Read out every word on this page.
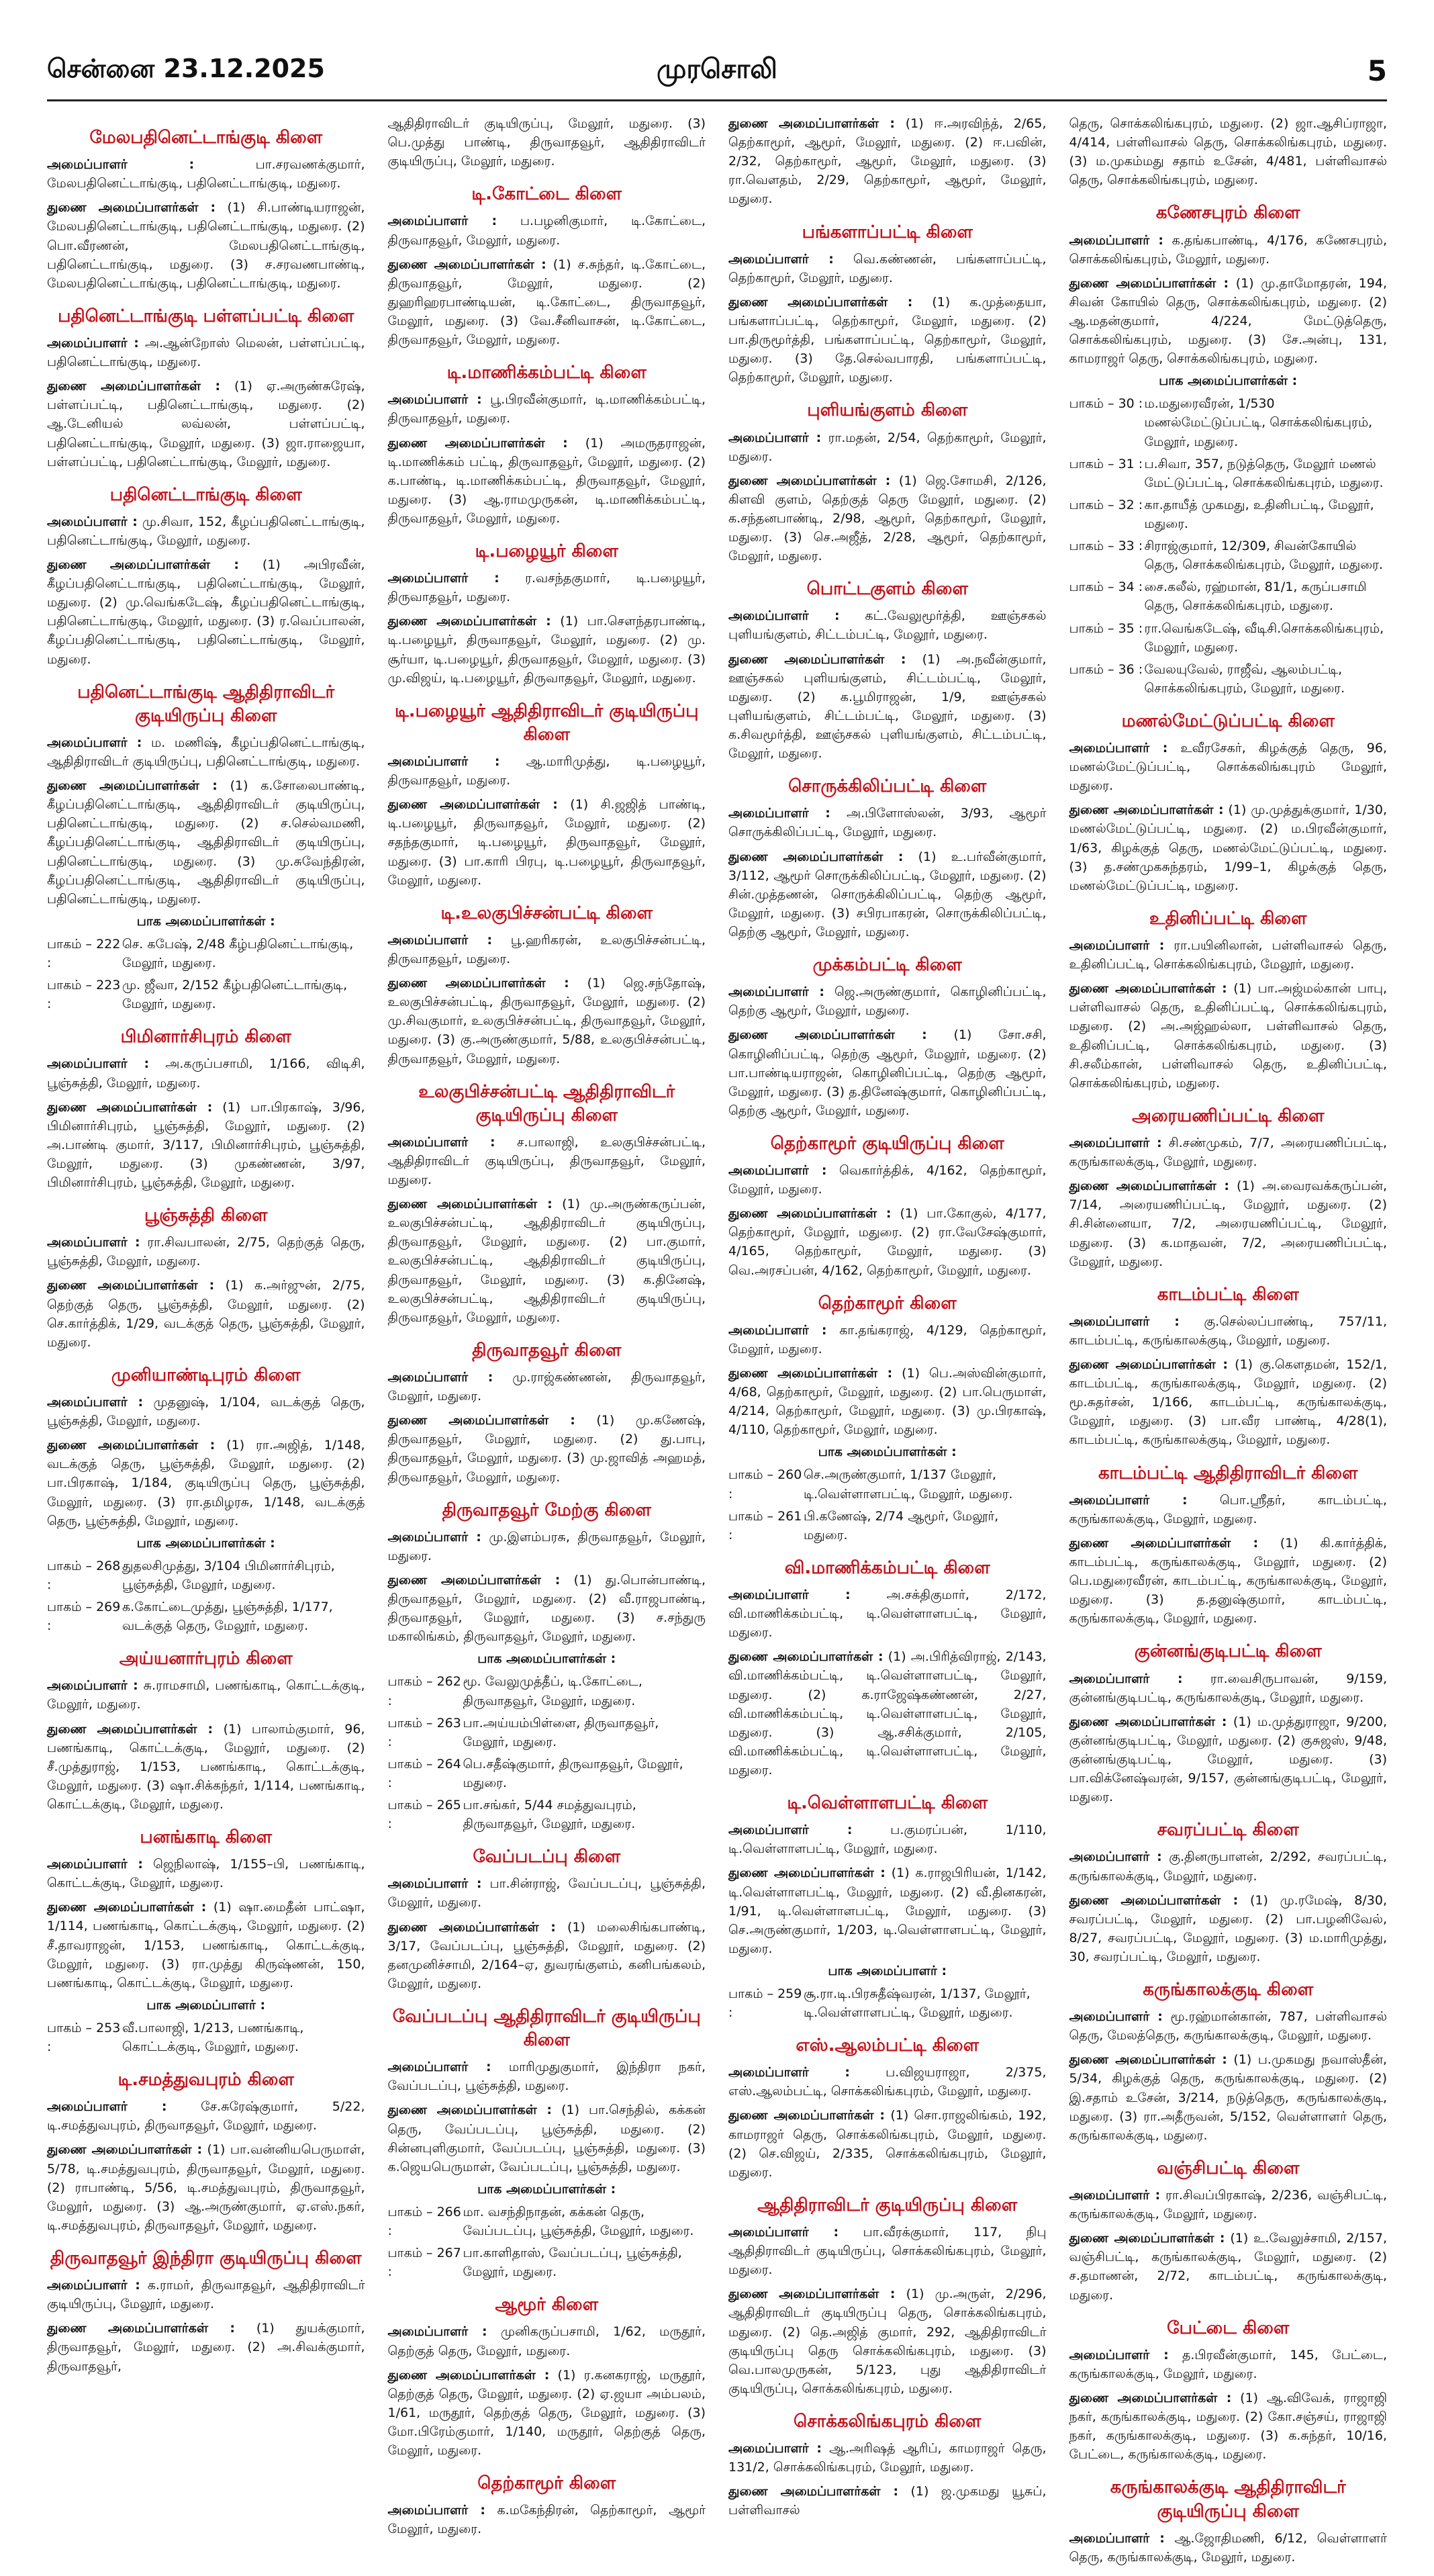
சென்னை 23.12.2025	முரசொலி	5
மேலபதினெட்டாங்குடி கிளை

அமைப்பாளர் :	பா.சரவணக்குமார், மேலபதினெட்டாங்குடி, பதினெட்டாங்குடி, மதுரை.

துணை அமைப்பாளர்கள் : (1) சி.பாண்டியராஜன், மேலபதினெட்டாங்குடி, பதினெட்டாங்குடி, மதுரை. (2) பொ.வீரணன், மேலபதினெட்டாங்குடி, பதினெட்டாங்குடி, மதுரை. (3) ச.சரவணபாண்டி, மேலபதினெட்டாங்குடி, பதினெட்டாங்குடி, மதுரை.

பதினெட்டாங்குடி பள்ளப்பட்டி கிளை

அமைப்பாளர் : அ.ஆன்றோஸ் மெலன், பள்ளப்பட்டி, பதினெட்டாங்குடி, மதுரை.

துணை அமைப்பாளர்கள் : (1) ஏ.அருண்சுரேஷ், பள்ளப்பட்டி, பதினெட்டாங்குடி, மதுரை. (2) ஆ.டேனியல் லவ்லன், பள்ளப்பட்டி, பதினெட்டாங்குடி, மேலூர், மதுரை. (3) ஜா.ராஜையா, பள்ளப்பட்டி, பதினெட்டாங்குடி, மேலூர், மதுரை.

பதினெட்டாங்குடி கிளை

அமைப்பாளர் : மு.சிவா, 152, கீழப்பதினெட்டாங்குடி, பதினெட்டாங்குடி, மேலூர், மதுரை.

துணை அமைப்பாளர்கள் : (1) அபிரவீன், கீழப்பதினெட்டாங்குடி, பதினெட்டாங்குடி, மேலூர், மதுரை. (2) மு.வெங்கடேஷ், கீழப்பதினெட்டாங்குடி, பதினெட்டாங்குடி, மேலூர், மதுரை. (3) ர.வெப்பாலன், கீழப்பதினெட்டாங்குடி, பதினெட்டாங்குடி, மேலூர், மதுரை.

பதினெட்டாங்குடி ஆதிதிராவிடர் குடியிருப்பு கிளை

அமைப்பாளர் : ம. மணிஷ், கீழப்பதினெட்டாங்குடி, ஆதிதிராவிடர் குடியிருப்பு, பதினெட்டாங்குடி, மதுரை.

துணை அமைப்பாளர்கள் : (1) க.சோலைபாண்டி, கீழப்பதினெட்டாங்குடி, ஆதிதிராவிடர் குடியிருப்பு, பதினெட்டாங்குடி, மதுரை. (2) ச.செல்வமணி, கீழப்பதினெட்டாங்குடி, ஆதிதிராவிடர் குடியிருப்பு, பதினெட்டாங்குடி, மதுரை. (3) மு.சுவேந்திரன், கீழப்பதினெட்டாங்குடி, ஆதிதிராவிடர் குடியிருப்பு, பதினெட்டாங்குடி, மதுரை.

பாக அமைப்பாளர்கள் :
பாகம் – 222 :
செ. கபேஷ், 2/48 கீழ்பதினெட்டாங்குடி, மேலூர், மதுரை.
பாகம் – 223 :
மு. ஜீவா, 2/152 கீழ்பதினெட்டாங்குடி, மேலூர், மதுரை.
பிமினார்சிபுரம் கிளை

அமைப்பாளர் : அ.கருப்பசாமி, 1/166, விடிசி, பூஞ்சுத்தி, மேலூர், மதுரை.

துணை அமைப்பாளர்கள் : (1) பா.பிரகாஷ், 3/96, பிமினார்சிபுரம், பூஞ்சுத்தி, மேலூர், மதுரை. (2) அ.பாண்டி குமார், 3/117, பிமினார்சிபுரம், பூஞ்சுத்தி, மேலூர், மதுரை. (3) முகண்ணன், 3/97, பிமினார்சிபுரம், பூஞ்சுத்தி, மேலூர், மதுரை.

பூஞ்சுத்தி கிளை

அமைப்பாளர் : ரா.சிவபாலன், 2/75, தெற்குத் தெரு, பூஞ்சுத்தி, மேலூர், மதுரை.

துணை அமைப்பாளர்கள் : (1) க.அர்ஜுன், 2/75, தெற்குத் தெரு, பூஞ்சுத்தி, மேலூர், மதுரை. (2) செ.கார்த்திக், 1/29, வடக்குத் தெரு, பூஞ்சுத்தி, மேலூர், மதுரை.

முனியாண்டிபுரம் கிளை

அமைப்பாளர் : முதனுஷ், 1/104, வடக்குத் தெரு, பூஞ்சுத்தி, மேலூர், மதுரை.

துணை அமைப்பாளர்கள் : (1) ரா.அஜித், 1/148, வடக்குத் தெரு, பூஞ்சுத்தி, மேலூர், மதுரை. (2) பா.பிரகாஷ், 1/184, குடியிருப்பு தெரு, பூஞ்சுத்தி, மேலூர், மதுரை. (3) ரா.தமிழரசு, 1/148, வடக்குத் தெரு, பூஞ்சுத்தி, மேலூர், மதுரை.

பாக அமைப்பாளர்கள் :
பாகம் – 268 :
துதலசிமுத்து, 3/104 பிமினார்சிபுரம், பூஞ்சுத்தி, மேலூர், மதுரை.
பாகம் – 269 :
க.கோட்டைமுத்து, பூஞ்சுத்தி, 1/177, வடக்குத் தெரு, மேலூர், மதுரை.
அய்யனார்புரம் கிளை

அமைப்பாளர் : சு.ராமசாமி, பணங்காடி, கொட்டக்குடி, மேலூர், மதுரை.

துணை அமைப்பாளர்கள் : (1) பாலாம்குமார், 96, பணங்காடி, கொட்டக்குடி, மேலூர், மதுரை. (2) சீ.முத்துராஜ், 1/153, பணங்காடி, கொட்டக்குடி, மேலூர், மதுரை. (3) ஷா.சிக்கந்தர், 1/114, பணங்காடி, கொட்டக்குடி, மேலூர், மதுரை.

பனங்காடி கிளை

அமைப்பாளர் : ஜெநிலாஷ், 1/155–பி, பணங்காடி, கொட்டக்குடி, மேலூர், மதுரை.

துணை அமைப்பாளர்கள் : (1) ஷா.மைதீன் பாட்ஷா, 1/114, பணங்காடி, கொட்டக்குடி, மேலூர், மதுரை. (2) சீ.தாவராஜன், 1/153, பணங்காடி, கொட்டக்குடி, மேலூர், மதுரை. (3) ரா.முத்து கிருஷ்ணன், 150, பணங்காடி, கொட்டக்குடி, மேலூர், மதுரை.

பாக அமைப்பாளர் :
பாகம் – 253 :
வீ.பாலாஜி, 1/213, பணங்காடி, கொட்டக்குடி, மேலூர், மதுரை.
டி.சமத்துவபுரம் கிளை

அமைப்பாளர் :	சே.சுரேஷ்குமார், 5/22, டி.சமத்துவபுரம், திருவாதவூர், மேலூர், மதுரை.

துணை அமைப்பாளர்கள் : (1) பா.வன்னியபெருமாள், 5/78, டி.சமத்துவபுரம், திருவாதவூர், மேலூர், மதுரை. (2) ராபாண்டி, 5/56, டி.சமத்துவபுரம், திருவாதவூர், மேலூர், மதுரை. (3) ஆ.அருண்குமார், ஏ.எஸ்.நகர், டி.சமத்துவபுரம், திருவாதவூர், மேலூர், மதுரை.

திருவாதவூர் இந்திரா குடியிருப்பு கிளை

அமைப்பாளர் : க.ராமர், திருவாதவூர், ஆதிதிராவிடர் குடியிருப்பு, மேலூர், மதுரை.

துணை அமைப்பாளர்கள் : (1) துயக்குமார், திருவாதவூர், மேலூர், மதுரை. (2) அ.சிவக்குமார், திருவாதவூர்,

ஆதிதிராவிடர் குடியிருப்பு, மேலூர், மதுரை. (3) பெ.முத்து பாண்டி, திருவாதவூர், ஆதிதிராவிடர் குடியிருப்பு, மேலூர், மதுரை.

டி.கோட்டை கிளை

அமைப்பாளர் : ப.பழனிகுமார், டி.கோட்டை, திருவாதவூர், மேலூர், மதுரை.

துணை அமைப்பாளர்கள் : (1) ச.சுந்தர், டி.கோட்டை, திருவாதவூர், மேலூர், மதுரை. (2) துஹரிஹரபாண்டியன், டி.கோட்டை, திருவாதவூர், மேலூர், மதுரை. (3) வே.சீனிவாசன், டி.கோட்டை, திருவாதவூர், மேலூர், மதுரை.

டி.மாணிக்கம்பட்டி கிளை

அமைப்பாளர் : பூ.பிரவீன்குமார், டி.மாணிக்கம்பட்டி, திருவாதவூர், மதுரை.

துணை அமைப்பாளர்கள் : (1) அமருதராஜன், டி.மாணிக்கம் பட்டி, திருவாதவூர், மேலூர், மதுரை. (2) க.பாண்டி, டி.மாணிக்கம்பட்டி, திருவாதவூர், மேலூர், மதுரை. (3) ஆ.ராமமுருகன், டி.மாணிக்கம்பட்டி, திருவாதவூர், மேலூர், மதுரை.

டி.பழையூர் கிளை

அமைப்பாளர் : ர.வசந்தகுமார், டி.பழையூர், திருவாதவூர், மதுரை.

துணை அமைப்பாளர்கள் : (1) பா.சௌந்தரபாண்டி, டி.பழையூர், திருவாதவூர், மேலூர், மதுரை. (2) மு. சூர்யா, டி.பழையூர், திருவாதவூர், மேலூர், மதுரை. (3) மு.விஜய், டி.பழையூர், திருவாதவூர், மேலூர், மதுரை.

டி.பழையூர் ஆதிதிராவிடர் குடியிருப்பு கிளை

அமைப்பாளர் : ஆ.மாரிமுத்து, டி.பழையூர், திருவாதவூர், மதுரை.

துணை அமைப்பாளர்கள் : (1) சி.ஜஜித் பாண்டி, டி.பழையூர், திருவாதவூர், மேலூர், மதுரை. (2) சதந்தகுமார், டி.பழையூர், திருவாதவூர், மேலூர், மதுரை. (3) பா.காரி பிரபு, டி.பழையூர், திருவாதவூர், மேலூர், மதுரை.

டி.உலகுபிச்சன்பட்டி கிளை

அமைப்பாளர் : பூ.ஹரிகரன், உலகுபிச்சன்பட்டி, திருவாதவூர், மதுரை.

துணை அமைப்பாளர்கள் : (1) ஜெ.சந்தோஷ், உலகுபிச்சன்பட்டி, திருவாதவூர், மேலூர், மதுரை. (2) மு.சிவகுமார், உலகுபிச்சன்பட்டி, திருவாதவூர், மேலூர், மதுரை. (3) கு.அருண்குமார், 5/88, உலகுபிச்சன்பட்டி, திருவாதவூர், மேலூர், மதுரை.

உலகுபிச்சன்பட்டி ஆதிதிராவிடர் குடியிருப்பு கிளை

அமைப்பாளர் : ச.பாலாஜி, உலகுபிச்சன்பட்டி, ஆதிதிராவிடர் குடியிருப்பு, திருவாதவூர், மேலூர், மதுரை.

துணை அமைப்பாளர்கள் : (1) மு.அருண்கருப்பன், உலகுபிச்சன்பட்டி, ஆதிதிராவிடர் குடியிருப்பு, திருவாதவூர், மேலூர், மதுரை. (2) பா.குமார், உலகுபிச்சன்பட்டி, ஆதிதிராவிடர் குடியிருப்பு, திருவாதவூர், மேலூர், மதுரை. (3) க.தினேஷ், உலகுபிச்சன்பட்டி, ஆதிதிராவிடர் குடியிருப்பு, திருவாதவூர், மேலூர், மதுரை.

திருவாதவூர் கிளை

அமைப்பாளர் : மு.ராஜ்கண்ணன், திருவாதவூர், மேலூர், மதுரை.

துணை அமைப்பாளர்கள் : (1) மு.கணேஷ், திருவாதவூர், மேலூர், மதுரை. (2) து.பாபு, திருவாதவூர், மேலூர், மதுரை. (3) மு.ஜாவித் அஹமத், திருவாதவூர், மேலூர், மதுரை.

திருவாதவூர் மேற்கு கிளை

அமைப்பாளர் : மு.இளம்பரசு, திருவாதவூர், மேலூர், மதுரை.

துணை அமைப்பாளர்கள் : (1) து.பொன்பாண்டி, திருவாதவூர், மேலூர், மதுரை. (2) வீ.ராஜபாண்டி, திருவாதவூர், மேலூர், மதுரை. (3) ச.சந்துரு மகாலிங்கம், திருவாதவூர், மேலூர், மதுரை.

பாக அமைப்பாளர்கள் :
பாகம் – 262 :
மூ. வேலுமுத்தீப், டி.கோட்டை, திருவாதவூர், மேலூர், மதுரை.
பாகம் – 263 :
பா.அய்யம்பிள்ளை, திருவாதவூர், மேலூர், மதுரை.
பாகம் – 264 :
பெ.சதீஷ்குமார், திருவாதவூர், மேலூர், மதுரை.
பாகம் – 265 :
பா.சங்கர், 5/44 சமத்துவபுரம், திருவாதவூர், மேலூர், மதுரை.
வேப்படப்பு கிளை

அமைப்பாளர் : பா.சின்ராஜ், வேப்படப்பு, பூஞ்சுத்தி, மேலூர், மதுரை.

துணை அமைப்பாளர்கள் : (1) மலைசிங்கபாண்டி, 3/17, வேப்படப்பு, பூஞ்சுத்தி, மேலூர், மதுரை. (2) தனமுனிச்சாமி, 2/164–ஏ, துவரங்குளம், கனிபங்கலம், மேலூர், மதுரை.

வேப்படப்பு ஆதிதிராவிடர் குடியிருப்பு கிளை

அமைப்பாளர் : மாரிமுதுகுமார், இந்திரா நகர், வேப்படப்பு, பூஞ்சுத்தி, மதுரை.

துணை அமைப்பாளர்கள் : (1) பா.செந்தில், கக்கன் தெரு, வேப்படப்பு, பூஞ்சுத்தி, மதுரை. (2) சின்னபுளிகுமார், வேப்படப்பு, பூஞ்சுத்தி, மதுரை. (3) க.ஜெயபெருமாள், வேப்படப்பு, பூஞ்சுத்தி, மதுரை.

பாக அமைப்பாளர்கள் :
பாகம் – 266 :
மா. வசந்திநாதன், கக்கன் தெரு, வேப்படப்பு, பூஞ்சுத்தி, மேலூர், மதுரை.
பாகம் – 267 :
பா.காளிதாஸ், வேப்படப்பு, பூஞ்சுத்தி, மேலூர், மதுரை.
ஆமூர் கிளை

அமைப்பாளர் : முனிகருப்பசாமி, 1/62, மருதூர், தெற்குத் தெரு, மேலூர், மதுரை.

துணை அமைப்பாளர்கள் : (1) ர.கனகராஜ், மருதூர், தெற்குத் தெரு, மேலூர், மதுரை. (2) ஏ.ஜயா அம்பலம், 1/61, மருதூர், தெற்குத் தெரு, மேலூர், மதுரை. (3) மோ.பிரேம்குமார், 1/140, மருதூர், தெற்குத் தெரு, மேலூர், மதுரை.

தெற்காமூர் கிளை

அமைப்பாளர் : க.மகேந்திரன், தெற்காமூர், ஆமூர் மேலூர், மதுரை.

துணை அமைப்பாளர்கள் : (1) ஈ.அரவிந்த், 2/65, தெற்காமூர், ஆமூர், மேலூர், மதுரை. (2) ஈ.பவின், 2/32, தெற்காமூர், ஆமூர், மேலூர், மதுரை. (3) ரா.வெளதம், 2/29, தெற்காமூர், ஆமூர், மேலூர், மதுரை.

பங்களாப்பட்டி கிளை

அமைப்பாளர் : வெ.கண்ணன், பங்களாப்பட்டி, தெற்காமூர், மேலூர், மதுரை.

துணை அமைப்பாளர்கள் : (1) க.முத்தையா, பங்களாப்பட்டி, தெற்காமூர், மேலூர், மதுரை. (2) பா.திருமூர்த்தி, பங்களாப்பட்டி, தெற்காமூர், மேலூர், மதுரை. (3) தே.செல்வபாரதி, பங்களாப்பட்டி, தெற்காமூர், மேலூர், மதுரை.

புளியங்குளம் கிளை

அமைப்பாளர் : ரா.மதன், 2/54, தெற்காமூர், மேலூர், மதுரை.

துணை அமைப்பாளர்கள் : (1) ஜெ.சோமசி, 2/126, கிளவி குளம், தெற்குத் தெரு மேலூர், மதுரை. (2) க.சந்தனபாண்டி, 2/98, ஆமூர், தெற்காமூர், மேலூர், மதுரை. (3) செ.அஜீத், 2/28, ஆமூர், தெற்காமூர், மேலூர், மதுரை.

பொட்டகுளம் கிளை

அமைப்பாளர் : கட்.வேலுமூர்த்தி, ஊஞ்சகல் புளியங்குளம், சிட்டம்பட்டி, மேலூர், மதுரை.

துணை அமைப்பாளர்கள் : (1) அ.நவீன்குமார், ஊஞ்சகல் புளியங்குளம், சிட்டம்பட்டி, மேலூர், மதுரை. (2) க.பூமிராஜன், 1/9, ஊஞ்சகல் புளியங்குளம், சிட்டம்பட்டி, மேலூர், மதுரை. (3) க.சிவமூர்த்தி, ஊஞ்சகல் புளியங்குளம், சிட்டம்பட்டி, மேலூர், மதுரை.

சொருக்கிலிப்பட்டி கிளை

அமைப்பாளர் : அ.பிளோஸ்லன், 3/93, ஆமூர் சொருக்கிலிப்பட்டி, மேலூர், மதுரை.

துணை அமைப்பாளர்கள் : (1) உ.பர்வீன்குமார், 3/112, ஆமூர் சொருக்கிலிப்பட்டி, மேலூர், மதுரை. (2) சின்.முத்தணன், சொருக்கிலிப்பட்டி, தெற்கு ஆமூர், மேலூர், மதுரை. (3) சபிரபாகரன், சொருக்கிலிப்பட்டி, தெற்கு ஆமூர், மேலூர், மதுரை.

முக்கம்பட்டி கிளை

அமைப்பாளர் : ஜெ.அருண்குமார், கொழினிப்பட்டி, தெற்கு ஆமூர், மேலூர், மதுரை.

துணை அமைப்பாளர்கள் : (1) சோ.சசி, கொழினிப்பட்டி, தெற்கு ஆமூர், மேலூர், மதுரை. (2) பா.பாண்டியராஜன், கொழினிப்பட்டி, தெற்கு ஆமூர், மேலூர், மதுரை. (3) த.தினேஷ்குமார், கொழினிப்பட்டி, தெற்கு ஆமூர், மேலூர், மதுரை.

தெற்காமூர் குடியிருப்பு கிளை

அமைப்பாளர் : வெகார்த்திக், 4/162, தெற்காமூர், மேலூர், மதுரை.

துணை அமைப்பாளர்கள் : (1) பா.கோகுல், 4/177, தெற்காமூர், மேலூர், மதுரை. (2) ரா.வேசேஷ்குமார், 4/165, தெற்காமூர், மேலூர், மதுரை. (3) வெ.அரசப்பன், 4/162, தெற்காமூர், மேலூர், மதுரை.

தெற்காமூர் கிளை

அமைப்பாளர் : கா.தங்கராஜ், 4/129, தெற்காமூர், மேலூர், மதுரை.

துணை அமைப்பாளர்கள் : (1) பெ.அஸ்வின்குமார், 4/68, தெற்காமூர், மேலூர், மதுரை. (2) பா.பெருமாள், 4/214, தெற்காமூர், மேலூர், மதுரை. (3) மு.பிரகாஷ், 4/110, தெற்காமூர், மேலூர், மதுரை.

பாக அமைப்பாளர்கள் :
பாகம் – 260 :
செ.அருண்குமார், 1/137 மேலூர், டி.வெள்ளாளபட்டி, மேலூர், மதுரை.
பாகம் – 261 :
பி.கணேஷ், 2/74 ஆமூர், மேலூர், மதுரை.
வி.மாணிக்கம்பட்டி கிளை

அமைப்பாளர் :	அ.சக்திகுமார், 2/172, வி.மாணிக்கம்பட்டி, டி.வெள்ளாளபட்டி, மேலூர், மதுரை.

துணை அமைப்பாளர்கள் : (1) அ.பிரித்விராஜ், 2/143, வி.மாணிக்கம்பட்டி, டி.வெள்ளாளபட்டி, மேலூர், மதுரை. (2) க.ராஜேஷ்கண்ணன், 2/27, வி.மாணிக்கம்பட்டி, டி.வெள்ளாளபட்டி, மேலூர், மதுரை. (3) ஆ.சசிக்குமார், 2/105, வி.மாணிக்கம்பட்டி, டி.வெள்ளாளபட்டி, மேலூர், மதுரை.

டி.வெள்ளாளபட்டி கிளை

அமைப்பாளர் :	ப.குமரப்பன், 1/110, டி.வெள்ளாளபட்டி, மேலூர், மதுரை.

துணை அமைப்பாளர்கள் : (1) க.ராஜபிரியன், 1/142, டி.வெள்ளாளபட்டி, மேலூர், மதுரை. (2) வீ.தினகரன், 1/91, டி.வெள்ளாளபட்டி, மேலூர், மதுரை. (3) செ.அருண்குமார், 1/203, டி.வெள்ளாளபட்டி, மேலூர், மதுரை.

பாக அமைப்பாளர் :
பாகம் – 259 :
சூ.ரா.டி.பிரசுதீஷ்வரன், 1/137, மேலூர், டி.வெள்ளாளபட்டி, மேலூர், மதுரை.
எஸ்.ஆலம்பட்டி கிளை

அமைப்பாளர் :	ப.விஜயராஜா, 2/375, எஸ்.ஆலம்பட்டி, சொக்கலிங்கபுரம், மேலூர், மதுரை.

துணை அமைப்பாளர்கள் : (1) சொ.ராஜலிங்கம், 192, காமராஜர் தெரு, சொக்கலிங்கபுரம், மேலூர், மதுரை. (2) செ.விஜய், 2/335, சொக்கலிங்கபுரம், மேலூர், மதுரை.

ஆதிதிராவிடர் குடியிருப்பு கிளை

அமைப்பாளர் : பா.வீரக்குமார், 117, நிபு ஆதிதிராவிடர் குடியிருப்பு, சொக்கலிங்கபுரம், மேலூர், மதுரை.

துணை அமைப்பாளர்கள் : (1) மு.அருள், 2/296, ஆதிதிராவிடர் குடியிருப்பு தெரு, சொக்கலிங்கபுரம், மதுரை. (2) தெ.அஜித் குமார், 292, ஆதிதிராவிடர் குடியிருப்பு தெரு சொக்கலிங்கபுரம், மதுரை. (3) வெ.பாலமுருகன், 5/123, புது ஆதிதிராவிடர் குடியிருப்பு, சொக்கலிங்கபுரம், மதுரை.

சொக்கலிங்கபுரம் கிளை

அமைப்பாளர் : ஆ.அரிஷத் ஆரிப், காமராஜர் தெரு, 131/2, சொக்கலிங்கபுரம், மேலூர், மதுரை.

துணை அமைப்பாளர்கள் : (1) ஜ.முகமது யூசுப், பள்ளிவாசல்

தெரு, சொக்கலிங்கபுரம், மதுரை. (2) ஜா.ஆசிப்ராஜா, 4/414, பள்ளிவாசல் தெரு, சொக்கலிங்கபுரம், மதுரை. (3) ம.முகம்மது சதாம் உசேன், 4/481, பள்ளிவாசல் தெரு, சொக்கலிங்கபுரம், மதுரை.

கணேசபுரம் கிளை

அமைப்பாளர் : க.தங்கபாண்டி, 4/176, கணேசபுரம், சொக்கலிங்கபுரம், மேலூர், மதுரை.

துணை அமைப்பாளர்கள் : (1) மு.தாமோதரன், 194, சிவன் கோயில் தெரு, சொக்கலிங்கபுரம், மதுரை. (2) ஆ.மதன்குமார், 4/224, மேட்டுத்தெரு, சொக்கலிங்கபுரம், மதுரை. (3) சே.அன்பு, 131, காமராஜர் தெரு, சொக்கலிங்கபுரம், மதுரை.

பாக அமைப்பாளர்கள் :
பாகம் – 30 : ம.மதுரைவீரன், 1/530 மணல்மேட்டுப்பட்டி, சொக்கலிங்கபுரம், மேலூர், மதுரை.
பாகம் – 31 : ப.சிவா, 357, நடுத்தெரு, மேலூர் மணல் மேட்டுப்பட்டி, சொக்கலிங்கபுரம், மதுரை.
பாகம் – 32 : கா.தாயீத் முகமது, உதினிபட்டி, மேலூர், மதுரை.
பாகம் – 33 : சிராஜ்குமார், 12/309, சிவன்கோயில் தெரு, சொக்கலிங்கபுரம், மேலூர், மதுரை.
பாகம் – 34 : சை.கலீல், ரஹ்மான், 81/1, கருப்பசாமி தெரு, சொக்கலிங்கபுரம், மதுரை.
பாகம் – 35 : ரா.வெங்கடேஷ், வீடிசி.சொக்கலிங்கபுரம், மேலூர், மதுரை.
பாகம் – 36 : வேலயுவேல், ராஜீவ், ஆலம்பட்டி, சொக்கலிங்கபுரம், மேலூர், மதுரை.
மணல்மேட்டுப்பட்டி கிளை

அமைப்பாளர் : உவீரசேகர், கிழக்குத் தெரு, 96, மணல்மேட்டுப்பட்டி, சொக்கலிங்கபுரம் மேலூர், மதுரை.

துணை அமைப்பாளர்கள் : (1) மு.முத்துக்குமார், 1/30, மணல்மேட்டுப்பட்டி, மதுரை. (2) ம.பிரவீன்குமார், 1/63, கிழக்குத் தெரு, மணல்மேட்டுப்பட்டி, மதுரை. (3) த.சண்முகசுந்தரம், 1/99–1, கிழக்குத் தெரு, மணல்மேட்டுப்பட்டி, மதுரை.

உதினிப்பட்டி கிளை

அமைப்பாளர் : ரா.பயினிலான், பள்ளிவாசல் தெரு, உதினிப்பட்டி, சொக்கலிங்கபுரம், மேலூர், மதுரை.

துணை அமைப்பாளர்கள் : (1) பா.அஜ்மல்கான் பாபு, பள்ளிவாசல் தெரு, உதினிப்பட்டி, சொக்கலிங்கபுரம், மதுரை. (2) அ.அஜ்ஹல்லா, பள்ளிவாசல் தெரு, உதினிப்பட்டி, சொக்கலிங்கபுரம், மதுரை. (3) சி.சலீம்கான், பள்ளிவாசல் தெரு, உதினிப்பட்டி, சொக்கலிங்கபுரம், மதுரை.

அரையணிப்பட்டி கிளை

அமைப்பாளர் : சி.சண்முகம், 7/7, அரையணிப்பட்டி, கருங்காலக்குடி, மேலூர், மதுரை.

துணை அமைப்பாளர்கள் : (1) அ.வைரவக்கருப்பன், 7/14, அரையணிப்பட்டி, மேலூர், மதுரை. (2) சி.சின்னையா, 7/2, அரையணிப்பட்டி, மேலூர், மதுரை. (3) க.மாதவன், 7/2, அரையணிப்பட்டி, மேலூர், மதுரை.

காடம்பட்டி கிளை

அமைப்பாளர் : கு.செல்லப்பாண்டி, 757/11, காடம்பட்டி, கருங்காலக்குடி, மேலூர், மதுரை.

துணை அமைப்பாளர்கள் : (1) கு.கௌதமன், 152/1, காடம்பட்டி, கருங்காலக்குடி, மேலூர், மதுரை. (2) மூ.சுதர்சன், 1/166, காடம்பட்டி, கருங்காலக்குடி, மேலூர், மதுரை. (3) பா.வீர பாண்டி, 4/28(1), காடம்பட்டி, கருங்காலக்குடி, மேலூர், மதுரை.

காடம்பட்டி ஆதிதிராவிடர் கிளை

அமைப்பாளர் :	பொ.ஸ்ரீதர், காடம்பட்டி, கருங்காலக்குடி, மேலூர், மதுரை.

துணை அமைப்பாளர்கள் : (1) கி.கார்த்திக், காடம்பட்டி, கருங்காலக்குடி, மேலூர், மதுரை. (2) பெ.மதுரைவீரன், காடம்பட்டி, கருங்காலக்குடி, மேலூர், மதுரை. (3) த.தனுஷ்குமார், காடம்பட்டி, கருங்காலக்குடி, மேலூர், மதுரை.

குன்னங்குடிபட்டி கிளை

அமைப்பாளர் : ரா.வைசிருபாவன், 9/159, குன்னங்குடிபட்டி, கருங்காலக்குடி, மேலூர், மதுரை.

துணை அமைப்பாளர்கள் : (1) ம.முத்துராஜா, 9/200, குன்னங்குடிபட்டி, மேலூர், மதுரை. (2) குசுஜஸ், 9/48, குன்னங்குடிபட்டி, மேலூர், மதுரை. (3) பா.விக்னேஷ்வரன், 9/157, குன்னங்குடிபட்டி, மேலூர், மதுரை.

சவரப்பட்டி கிளை

அமைப்பாளர் : கு.தினருபாளன், 2/292, சவரப்பட்டி, கருங்காலக்குடி, மேலூர், மதுரை.

துணை அமைப்பாளர்கள் : (1) மு.ரமேஷ், 8/30, சவரப்பட்டி, மேலூர், மதுரை. (2) பா.பழனிவேல், 8/27, சவரப்பட்டி, மேலூர், மதுரை. (3) ம.மாரிமுத்து, 30, சவரப்பட்டி, மேலூர், மதுரை.

கருங்காலக்குடி கிளை

அமைப்பாளர் : மூ.ரஹ்மான்கான், 787, பள்ளிவாசல் தெரு, மேலத்தெரு, கருங்காலக்குடி, மேலூர், மதுரை.

துணை அமைப்பாளர்கள் : (1) ப.முகமது நவாஸ்தீன், 5/34, கிழக்குத் தெரு, கருங்காலக்குடி, மதுரை. (2) இ.சதாம் உசேன், 3/214, நடுத்தெரு, கருங்காலக்குடி, மதுரை. (3) ரா.அதீருவன், 5/152, வெள்ளாளர் தெரு, கருங்காலக்குடி, மதுரை.

வஞ்சிபட்டி கிளை

அமைப்பாளர் : ரா.சிவப்பிரகாஷ், 2/236, வஞ்சிபட்டி, கருங்காலக்குடி, மேலூர், மதுரை.

துணை அமைப்பாளர்கள் : (1) உ.வேலுச்சாமி, 2/157, வஞ்சிபட்டி, கருங்காலக்குடி, மேலூர், மதுரை. (2) ச.தமாணன், 2/72, காடம்பட்டி, கருங்காலக்குடி, மதுரை.

பேட்டை கிளை

அமைப்பாளர் : த.பிரவீன்குமார், 145, பேட்டை, கருங்காலக்குடி, மேலூர், மதுரை.

துணை அமைப்பாளர்கள் : (1) ஆ.விவேக், ராஜாஜி நகர், கருங்காலக்குடி, மதுரை. (2) கோ.சஞ்சய், ராஜாஜி நகர், கருங்காலக்குடி, மதுரை. (3) க.சுந்தர், 10/16, பேட்டை, கருங்காலக்குடி, மதுரை.

கருங்காலக்குடி ஆதிதிராவிடர் குடியிருப்பு கிளை

அமைப்பாளர் : ஆ.ஜோதிமணி, 6/12, வெள்ளாளர் தெரு, கருங்காலக்குடி, மேலூர், மதுரை.
